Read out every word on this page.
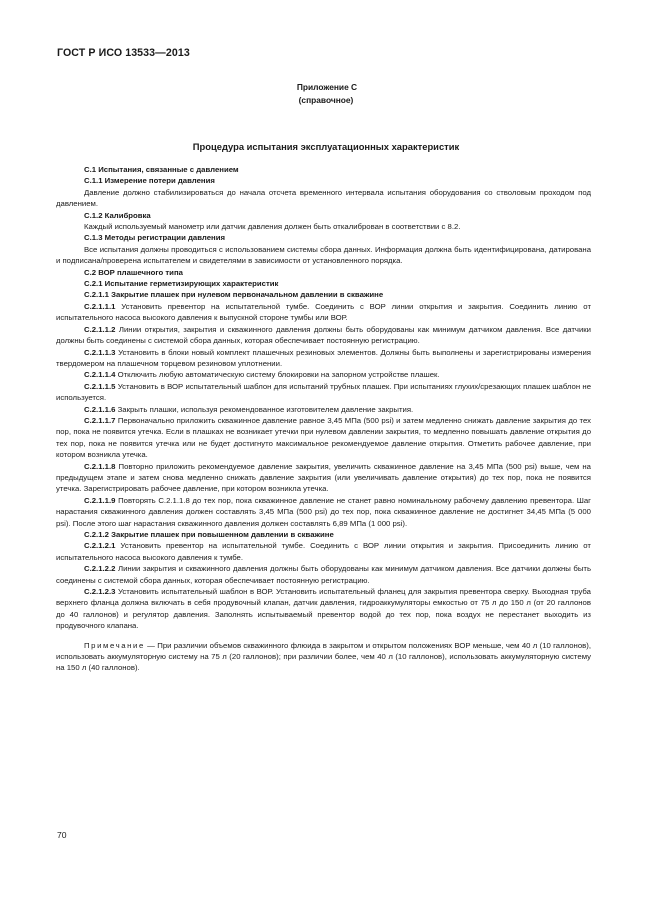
ГОСТ Р ИСО 13533—2013
Приложение С
(справочное)
Процедура испытания эксплуатационных характеристик

С.1 Испытания, связанные с давлением

С.1.1 Измерение потери давления

Давление должно стабилизироваться до начала отсчета временного интервала испытания оборудования со стволовым проходом под давлением.

С.1.2 Калибровка

Каждый используемый манометр или датчик давления должен быть откалиброван в соответствии с 8.2.

С.1.3 Методы регистрации давления

Все испытания должны проводиться с использованием системы сбора данных. Информация должна быть идентифицирована, датирована и подписана/проверена испытателем и свидетелями в зависимости от установленного порядка.

С.2 ВОР плашечного типа

С.2.1 Испытание герметизирующих характеристик

С.2.1.1 Закрытие плашек при нулевом первоначальном давлении в скважине

С.2.1.1.1 Установить превентор на испытательной тумбе. Соединить с ВОР линии открытия и закрытия. Соединить линию от испытательного насоса высокого давления к выпускной стороне тумбы или ВОР.

С.2.1.1.2 Линии открытия, закрытия и скважинного давления должны быть оборудованы как минимум датчиком давления. Все датчики должны быть соединены с системой сбора данных, которая обеспечивает постоянную регистрацию.

С.2.1.1.3 Установить в блоки новый комплект плашечных резиновых элементов. Должны быть выполнены и зарегистрированы измерения твердомером на плашечном торцевом резиновом уплотнении.

С.2.1.1.4 Отключить любую автоматическую систему блокировки на запорном устройстве плашек.

С.2.1.1.5 Установить в ВОР испытательный шаблон для испытаний трубных плашек. При испытаниях глухих/срезающих плашек шаблон не используется.

С.2.1.1.6 Закрыть плашки, используя рекомендованное изготовителем давление закрытия.

С.2.1.1.7 Первоначально приложить скважинное давление равное 3,45 МПа (500 psi) и затем медленно снижать давление закрытия до тех пор, пока не появится утечка. Если в плашках не возникает утечки при нулевом давлении закрытия, то медленно повышать давление открытия до тех пор, пока не появится утечка или не будет достигнуто максимальное рекомендуемое давление открытия. Отметить рабочее давление, при котором возникла утечка.

С.2.1.1.8 Повторно приложить рекомендуемое давление закрытия, увеличить скважинное давление на 3,45 МПа (500 psi) выше, чем на предыдущем этапе и затем снова медленно снижать давление закрытия (или увеличивать давление открытия) до тех пор, пока не появится утечка. Зарегистрировать рабочее давление, при котором возникла утечка.

С.2.1.1.9 Повторять С.2.1.1.8 до тех пор, пока скважинное давление не станет равно номинальному рабочему давлению превентора. Шаг нарастания скважинного давления должен составлять 3,45 МПа (500 psi) до тех пор, пока скважинное давление не достигнет 34,45 МПа (5 000 psi). После этого шаг нарастания скважинного давления должен составлять 6,89 МПа (1 000 psi).

С.2.1.2 Закрытие плашек при повышенном давлении в скважине

С.2.1.2.1 Установить превентор на испытательной тумбе. Соединить с ВОР линии открытия и закрытия. Присоединить линию от испытательного насоса высокого давления к тумбе.

С.2.1.2.2 Линии закрытия и скважинного давления должны быть оборудованы как минимум датчиком давления. Все датчики должны быть соединены с системой сбора данных, которая обеспечивает постоянную регистрацию.

С.2.1.2.3 Установить испытательный шаблон в ВОР. Установить испытательный фланец для закрытия превентора сверху. Выходная труба верхнего фланца должна включать в себя продувочный клапан, датчик давления, гидроаккумуляторы емкостью от 75 л до 150 л (от 20 галлонов до 40 галлонов) и регулятор давления. Заполнять испытываемый превентор водой до тех пор, пока воздух не перестанет выходить из продувочного клапана.

Примечание — При различии объемов скважинного флюида в закрытом и открытом положениях ВОР меньше, чем 40 л (10 галлонов), использовать аккумуляторную систему на 75 л (20 галлонов); при различии более, чем 40 л (10 галлонов), использовать аккумуляторную систему на 150 л (40 галлонов).

70
